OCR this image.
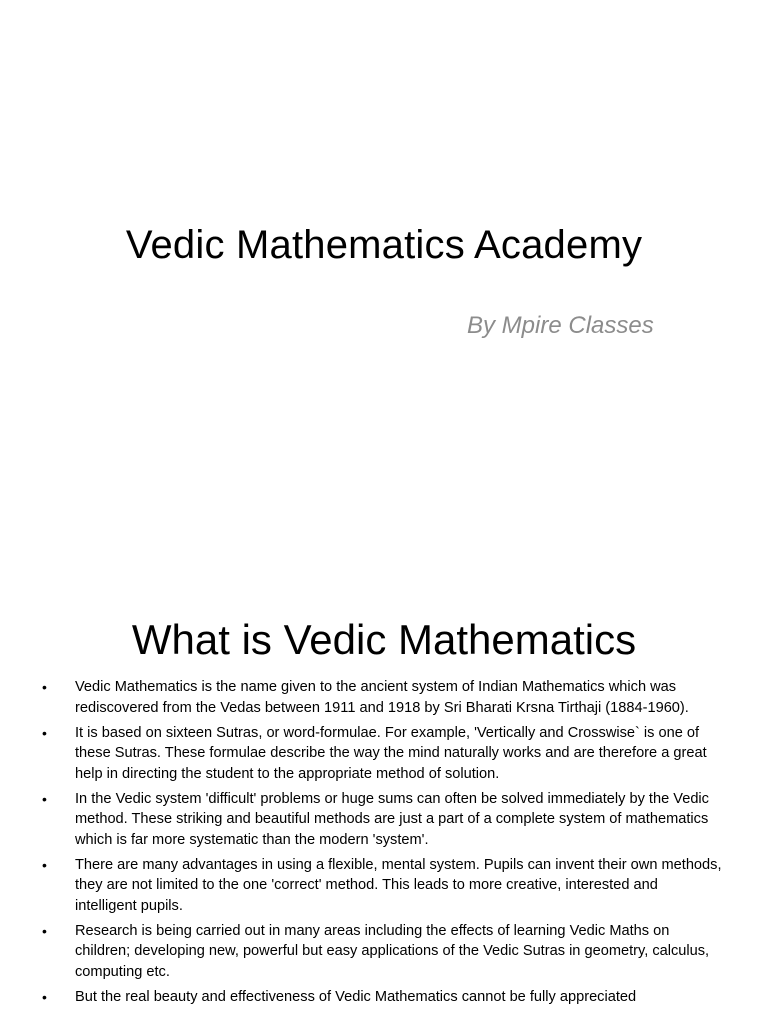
Vedic Mathematics Academy
By Mpire Classes
What is Vedic Mathematics
• Vedic Mathematics is the name given to the ancient system of Indian Mathematics which was rediscovered from the Vedas between 1911 and 1918 by Sri Bharati Krsna Tirthaji (1884-1960).
• It is based on sixteen Sutras, or word-formulae. For example, 'Vertically and Crosswise` is one of these Sutras. These formulae describe the way the mind naturally works and are therefore a great help in directing the student to the appropriate method of solution.
• In the Vedic system 'difficult' problems or huge sums can often be solved immediately by the Vedic method. These striking and beautiful methods are just a part of a complete system of mathematics which is far more systematic than the modern 'system'.
• There are many advantages in using a flexible, mental system. Pupils can invent their own methods, they are not limited to the one 'correct' method. This leads to more creative, interested and intelligent pupils.
• Research is being carried out in many areas including the effects of learning Vedic Maths on children; developing new, powerful but easy applications of the Vedic Sutras in geometry, calculus, computing etc.
• But the real beauty and effectiveness of Vedic Mathematics cannot be fully appreciated
